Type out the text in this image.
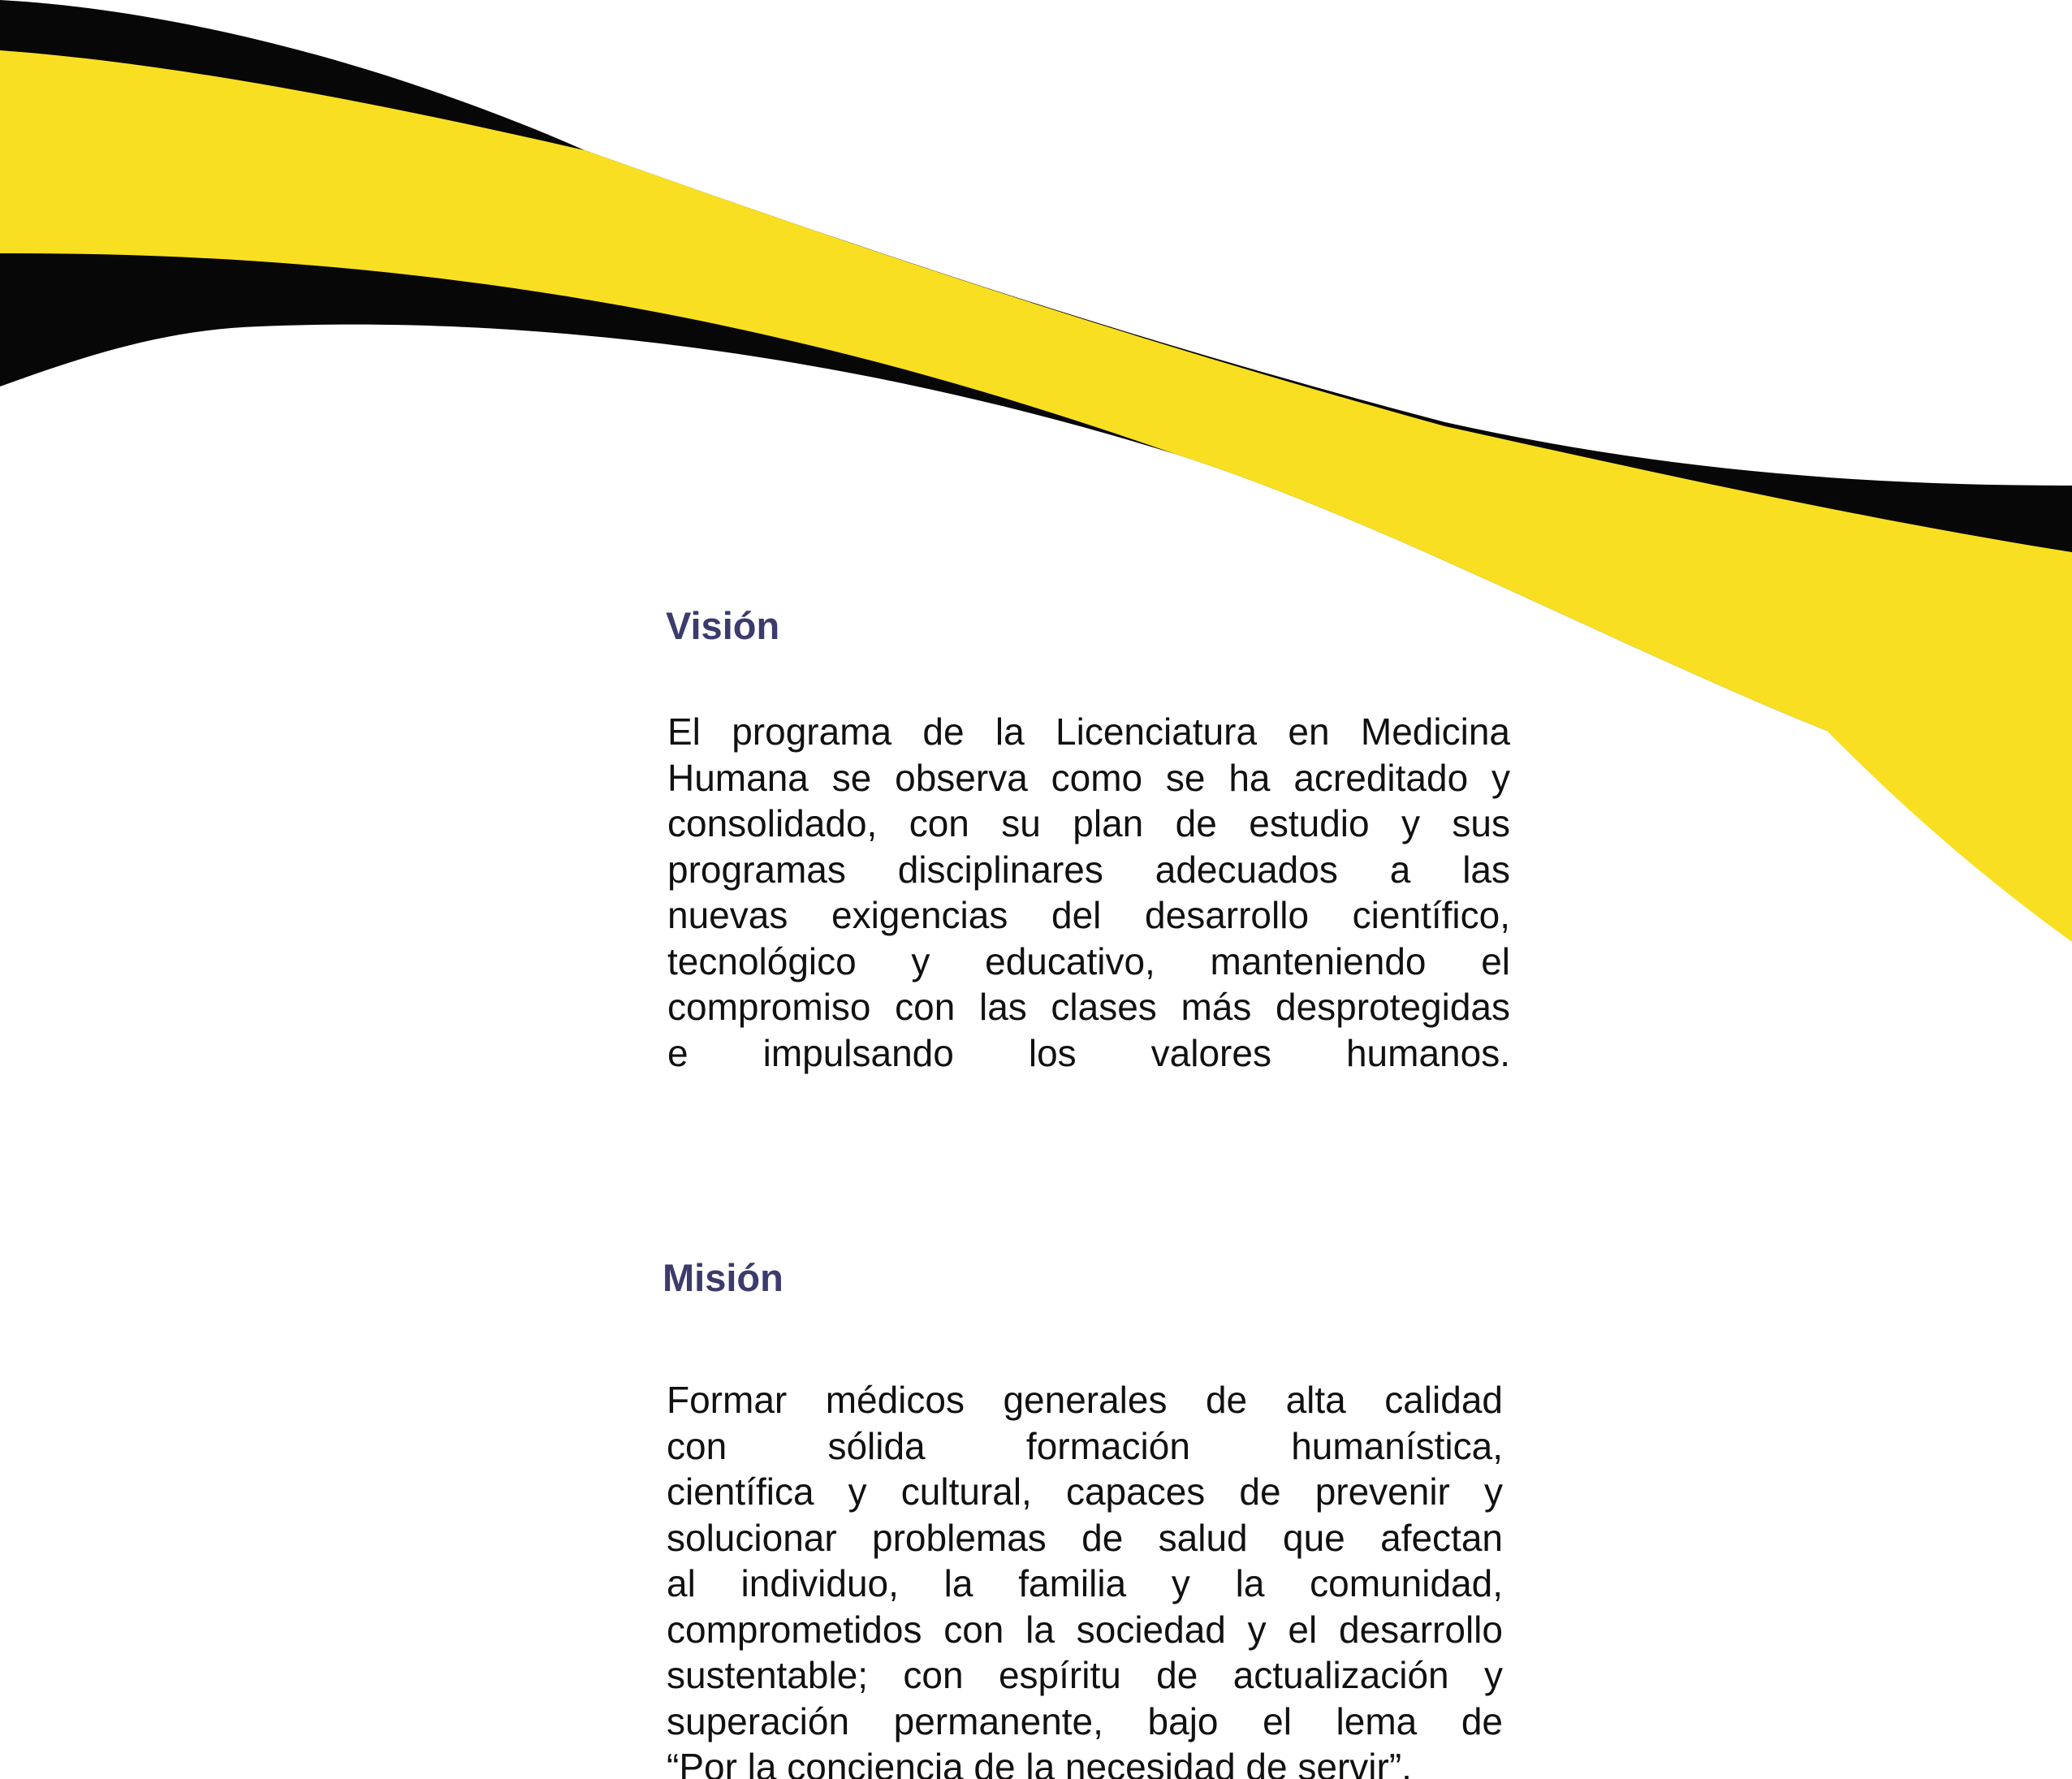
Visión

El programa de la Licenciatura en Medicina
Humana se observa como se ha acreditado y
consolidado, con su plan de estudio y sus
programas disciplinares adecuados a las
nuevas exigencias del desarrollo científico,
tecnológico y educativo, manteniendo el
compromiso con las clases más desprotegidas
e impulsando los valores humanos.

Misión

Formar médicos generales de alta calidad
con sólida formación humanística,
científica y cultural, capaces de prevenir y
solucionar problemas de salud que afectan
al individuo, la familia y la comunidad,
comprometidos con la sociedad y el desarrollo
sustentable; con espíritu de actualización y
superación permanente, bajo el lema de
“Por la conciencia de la necesidad de servir”.
